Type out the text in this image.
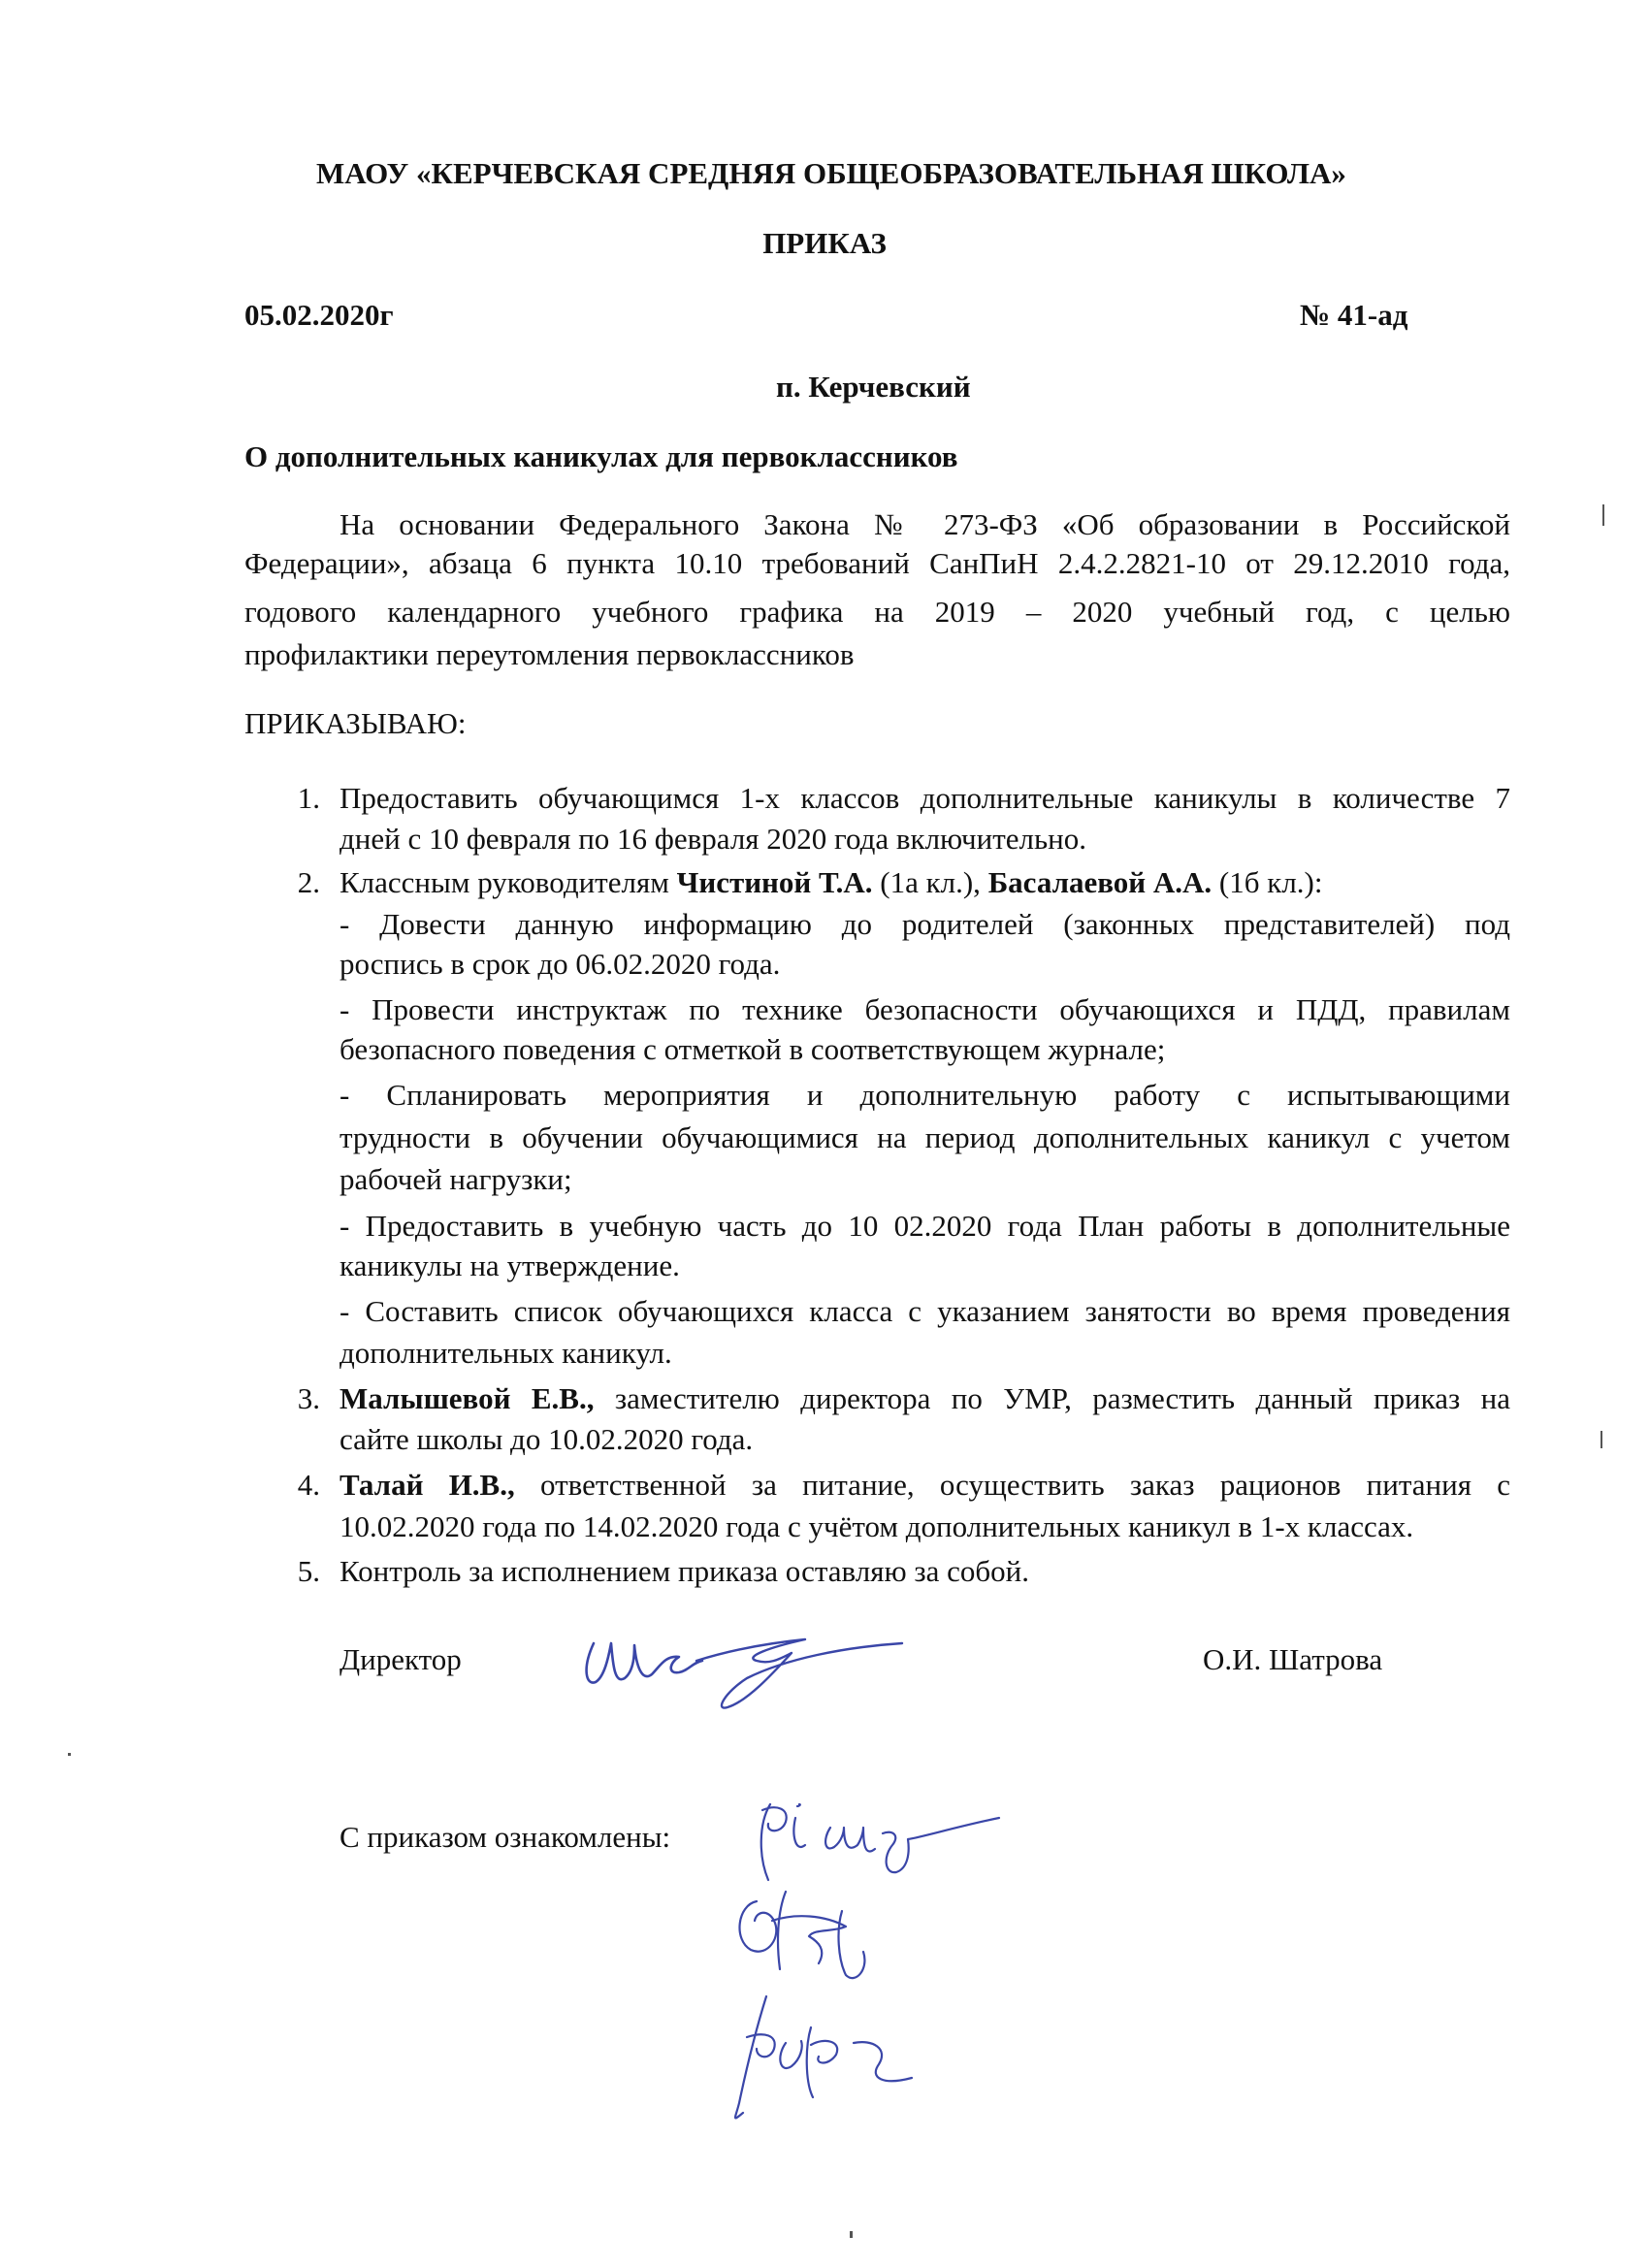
МАОУ «КЕРЧЕВСКАЯ СРЕДНЯЯ ОБЩЕОБРАЗОВАТЕЛЬНАЯ ШКОЛА»
ПРИКАЗ
05.02.2020г	№ 41-ад
п. Керчевский
О дополнительных каникулах для первоклассников
На основании Федерального Закона № 273-ФЗ «Об образовании в Российской
Федерации», абзаца 6 пункта 10.10 требований СанПиН 2.4.2.2821-10 от 29.12.2010 года,
годового календарного учебного графика на 2019 – 2020 учебный год, с целью
профилактики переутомления первоклассников
ПРИКАЗЫВАЮ:
1. Предоставить обучающимся 1-х классов дополнительные каникулы в количестве 7
дней с 10 февраля по 16 февраля 2020 года включительно.
2. Классным руководителям Чистиной Т.А. (1а кл.), Басалаевой А.А. (1б кл.):
- Довести данную информацию до родителей (законных представителей) под
роспись в срок до 06.02.2020 года.
- Провести инструктаж по технике безопасности обучающихся и ПДД, правилам
безопасного поведения с отметкой в соответствующем журнале;
- Спланировать мероприятия и дополнительную работу с испытывающими
трудности в обучении обучающимися на период дополнительных каникул с учетом
рабочей нагрузки;
- Предоставить в учебную часть до 10 02.2020 года План работы в дополнительные
каникулы на утверждение.
- Составить список обучающихся класса с указанием занятости во время проведения
дополнительных каникул.
3. Малышевой Е.В., заместителю директора по УМР, разместить данный приказ на
сайте школы до 10.02.2020 года.
4. Талай И.В., ответственной за питание, осуществить заказ рационов питания с
10.02.2020 года по 14.02.2020 года с учётом дополнительных каникул в 1-х классах.
5. Контроль за исполнением приказа оставляю за собой.
Директор	О.И. Шатрова
С приказом ознакомлены:
